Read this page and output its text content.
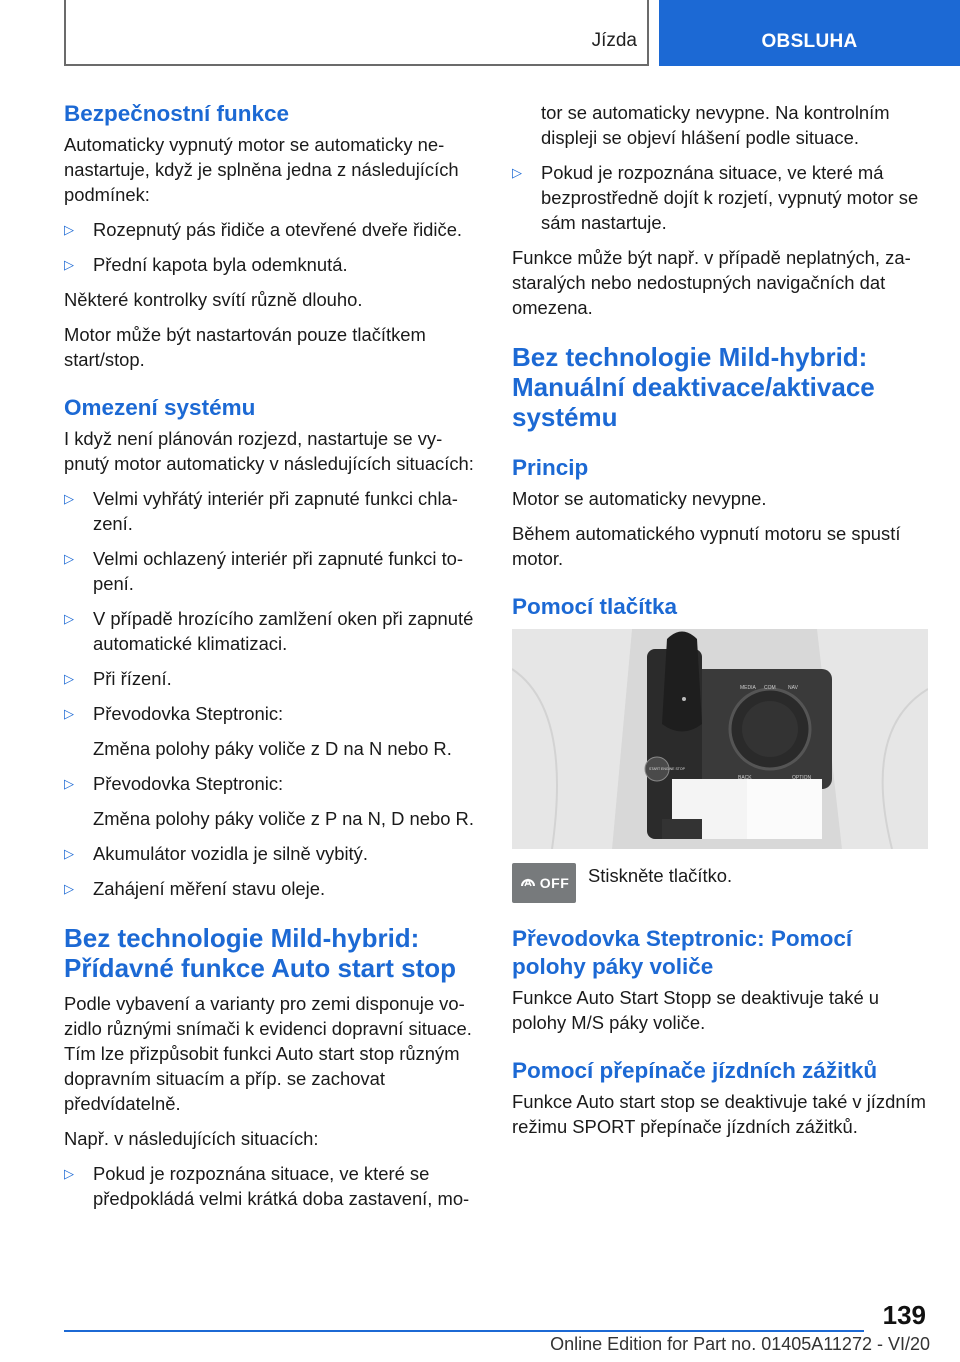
Jízda	OBSLUHA
Bezpečnostní funkce

Automaticky vypnutý motor se automaticky nenastartuje, když je splněna jedna z následujících podmínek:

▷ Rozepnutý pás řidiče a otevřené dveře řidiče.
▷ Přední kapota byla odemknutá.

Některé kontrolky svítí různě dlouho.

Motor může být nastartován pouze tlačítkem start/stop.

Omezení systému

I když není plánován rozjezd, nastartuje se vypnutý motor automaticky v následujících situacích:

▷ Velmi vyhřátý interiér při zapnuté funkci chlazení.
▷ Velmi ochlazený interiér při zapnuté funkci topení.
▷ V případě hrozícího zamlžení oken při zapnuté automatické klimatizaci.
▷ Při řízení.
▷ Převodovka Steptronic:
Změna polohy páky voliče z D na N nebo R.
▷ Převodovka Steptronic:
Změna polohy páky voliče z P na N, D nebo R.
▷ Akumulátor vozidla je silně vybitý.
▷ Zahájení měření stavu oleje.
Bez technologie Mild-hybrid: Přídavné funkce Auto start stop

Podle vybavení a varianty pro zemi disponuje vozidlo různými snímači k evidenci dopravní situace. Tím lze přizpůsobit funkci Auto start stop různým dopravním situacím a příp. se zachovat předvídatelně.

Např. v následujících situacích:

▷ Pokud je rozpoznána situace, ve které se předpokládá velmi krátká doba zastavení, mo-

tor se automaticky nevypne. Na kontrolním displeji se objeví hlášení podle situace.

▷ Pokud je rozpoznána situace, ve které má bezprostředně dojít k rozjetí, vypnutý motor se sám nastartuje.

Funkce může být např. v případě neplatných, zastaralých nebo nedostupných navigačních dat omezena.

Bez technologie Mild-hybrid: Manuální deaktivace/aktivace systému
Princip

Motor se automaticky nevypne.

Během automatického vypnutí motoru se spustí motor.

Pomocí tlačítka
MEDIA COM NAV
BACK	OPTION
START ENGINE STOP
OFF Stiskněte tlačítko.
Převodovka Steptronic: Pomocí polohy páky voliče

Funkce Auto Start Stopp se deaktivuje také u polohy M/S páky voliče.

Pomocí přepínače jízdních zážitků

Funkce Auto start stop se deaktivuje také v jízdním režimu SPORT přepínače jízdních zážitků.

139
Online Edition for Part no. 01405A11272 - VI/20
